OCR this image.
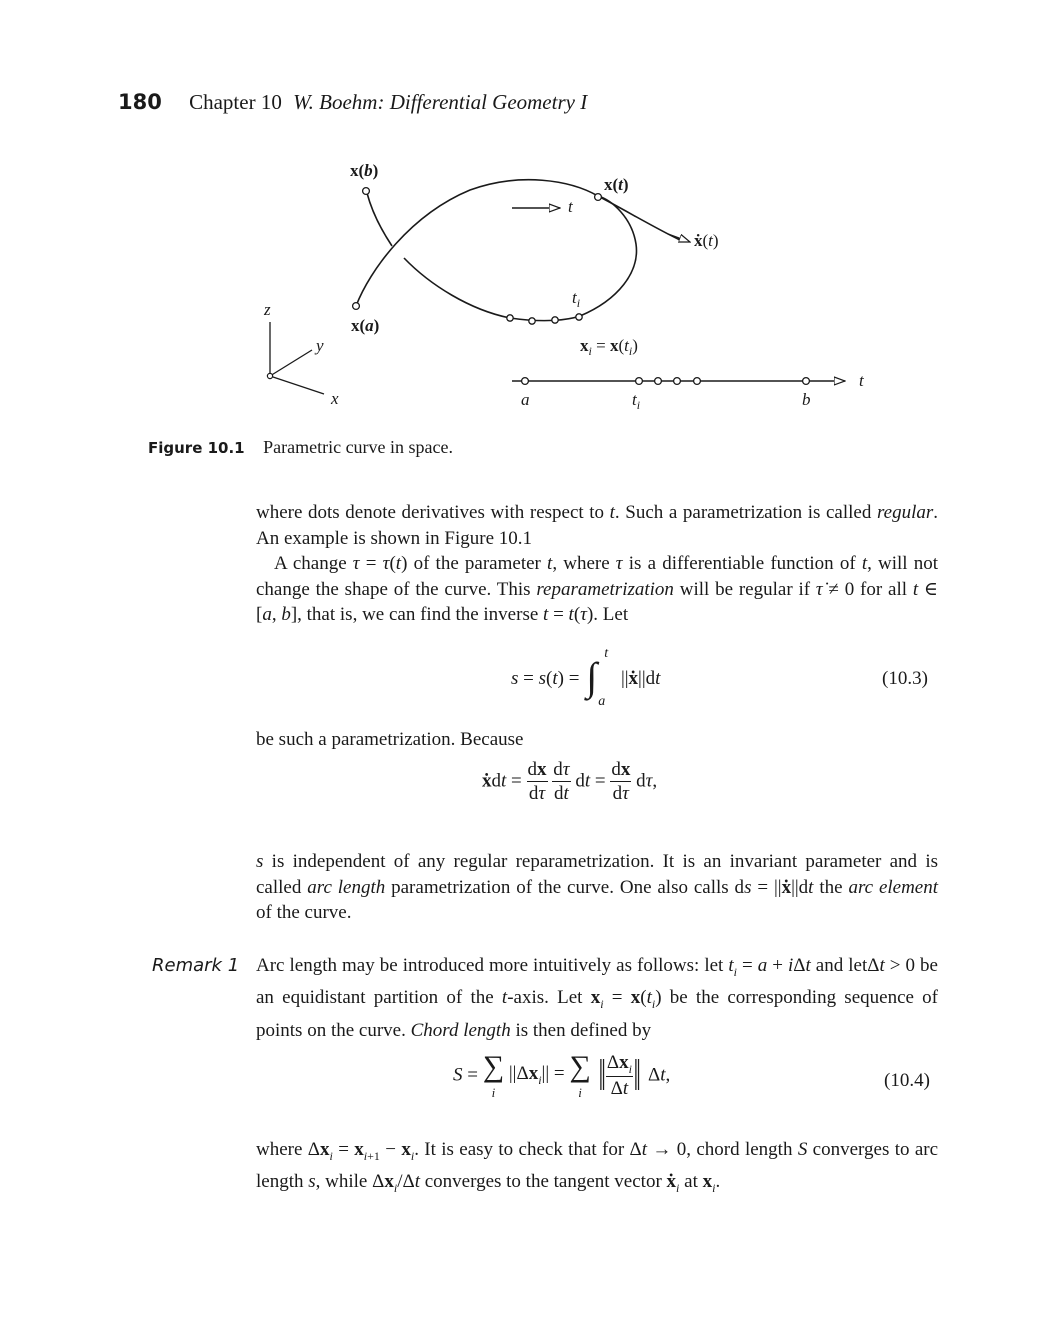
180 Chapter 10 W. Boehm: Differential Geometry I
x(b)
x(t)
t
ẋ(t)
$t_i$
x(a)
$x_i = x(t_i)$
z
y
x	a	$t_i$	b
t
Figure 10.1 Parametric curve in space.
where dots denote derivatives with respect to t. Such a parametrization is called regular. An example is shown in Figure 10.1
A change τ = τ(t) of the parameter t, where τ is a differentiable function of t, will not change the shape of the curve. This reparametrization will be regular if τ̇ ≠ 0 for all t ∈ [a, b], that is, we can find the inverse t = t(τ). Let
s = s(t) = ∫
t
a
||ẋ||dt	(10.3)
be such a parametrization. Because
ẋdt = $\frac{dx}{d\tau}$
$\frac{d\tau}{dt}$ dt = $\frac{dx}{d\tau} d\tau$,
s is independent of any regular reparametrization. It is an invariant parameter and is called arc length parametrization of the curve. One also calls ds = ||ẋ||dt the arc element of the curve.
Remark 1 Arc length may be introduced more intuitively as follows: let $t_i = a + i\Delta t$ and letΔt > 0 be an equidistant partition of the t-axis. Let $x_i = x(t_i)$ be the corresponding sequence of points on the curve. Chord length is then defined by
S = ∑
i
$||\Delta x_i||$ = ∑
i ‖ $\frac{\Delta x_i}{\Delta t}$ ‖ Δt,	(10.4)
where $\Delta x_i = x_{i+1} - x_i$. It is easy to check that for Δt → 0, chord length S converges to arc length s, while $\Delta x_i/\Delta t$ converges to the tangent vector ẋ$_i$ at $x_i$.
